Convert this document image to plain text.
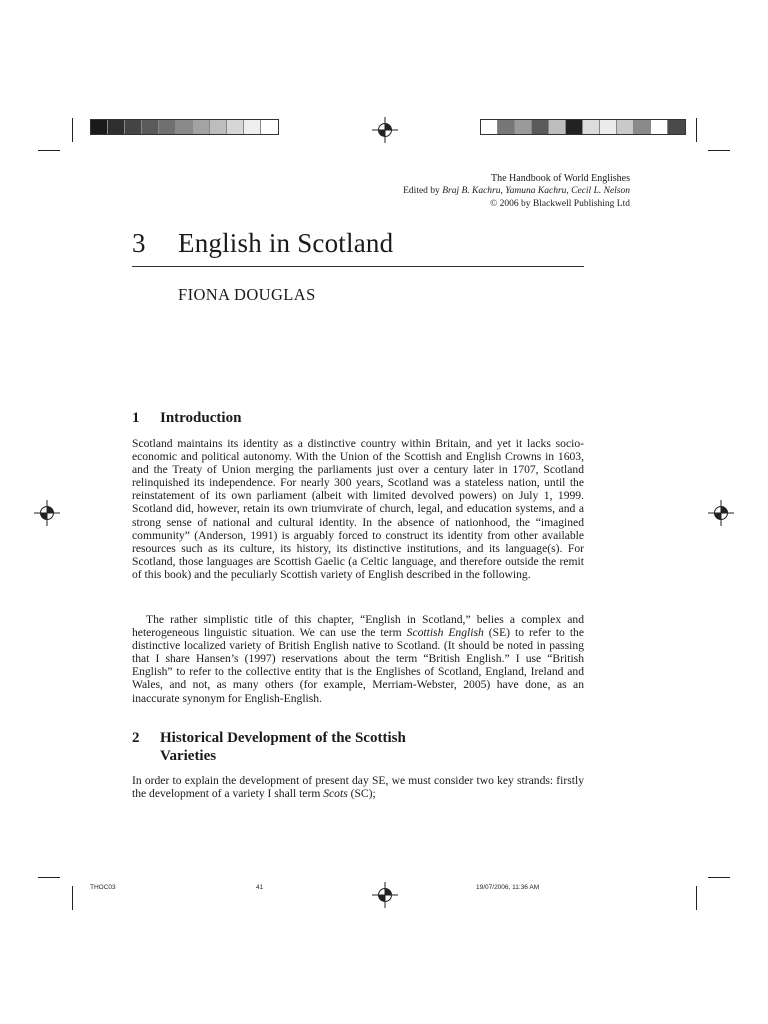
The Handbook of World Englishes
Edited by Braj B. Kachru, Yamuna Kachru, Cecil L. Nelson
© 2006 by Blackwell Publishing Ltd
3 English in Scotland
FIONA DOUGLAS
1 Introduction

Scotland maintains its identity as a distinctive country within Britain, and yet it lacks socio-economic and political autonomy. With the Union of the Scottish and English Crowns in 1603, and the Treaty of Union merging the parliaments just over a century later in 1707, Scotland relinquished its independence. For nearly 300 years, Scotland was a stateless nation, until the reinstatement of its own parliament (albeit with limited devolved powers) on July 1, 1999. Scotland did, however, retain its own triumvirate of church, legal, and education systems, and a strong sense of national and cultural identity. In the absence of nationhood, the “imagined community” (Anderson, 1991) is arguably forced to construct its identity from other available resources such as its culture, its history, its distinctive institutions, and its language(s). For Scotland, those languages are Scottish Gaelic (a Celtic language, and therefore outside the remit of this book) and the peculiarly Scottish variety of English described in the following.

The rather simplistic title of this chapter, “English in Scotland,” belies a complex and heterogeneous linguistic situation. We can use the term Scottish English (SE) to refer to the distinctive localized variety of British English native to Scotland. (It should be noted in passing that I share Hansen’s (1997) reservations about the term “British English.” I use “British English” to refer to the collective entity that is the Englishes of Scotland, England, Ireland and Wales, and not, as many others (for example, Merriam-Webster, 2005) have done, as an inaccurate synonym for English-English.

2 Historical Development of the Scottish
Varieties

In order to explain the development of present day SE, we must consider two key strands: firstly the development of a variety I shall term Scots (SC);

THOC03	41	19/07/2006, 11:36 AM
